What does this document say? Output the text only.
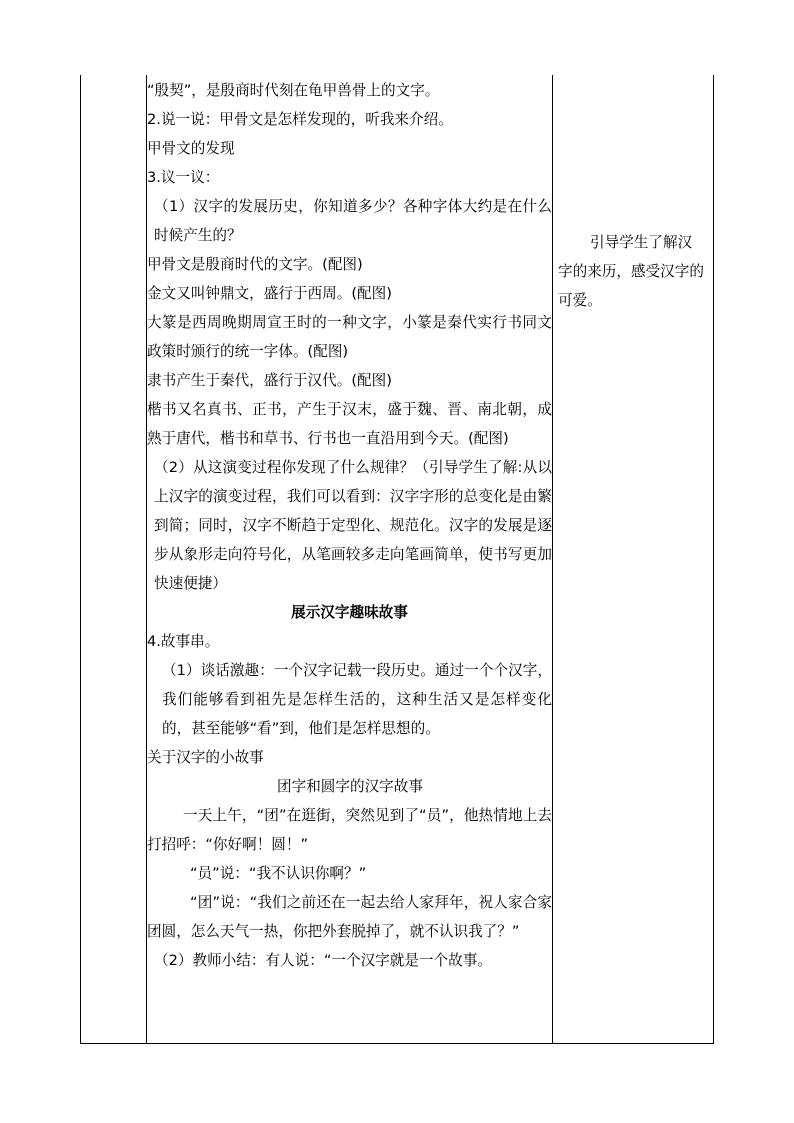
“殷契”，是殷商时代刻在龟甲兽骨上的文字。

2.说一说：甲骨文是怎样发现的，听我来介绍。

甲骨文的发现

3.议一议：

（1）汉字的发展历史，你知道多少？各种字体大约是在什么时候产生的？

甲骨文是殷商时代的文字。(配图)

金文又叫钟鼎文，盛行于西周。(配图)

大篆是西周晚期周宣王时的一种文字，小篆是秦代实行书同文政策时颁行的统一字体。(配图)

隶书产生于秦代，盛行于汉代。(配图)

楷书又名真书、正书，产生于汉末，盛于魏、晋、南北朝，成熟于唐代，楷书和草书、行书也一直沿用到今天。(配图)

（2）从这演变过程你发现了什么规律？（引导学生了解:从以上汉字的演变过程，我们可以看到：汉字字形的总变化是由繁到简；同时，汉字不断趋于定型化、规范化。汉字的发展是逐步从象形走向符号化，从笔画较多走向笔画简单，使书写更加快速便捷）

展示汉字趣味故事

4.故事串。

（1）谈话激趣：一个汉字记载一段历史。通过一个个汉字，我们能够看到祖先是怎样生活的，这种生活又是怎样变化的，甚至能够“看”到，他们是怎样思想的。

关于汉字的小故事

团字和圆字的汉字故事

一天上午，“团”在逛街，突然见到了“员”，他热情地上去打招呼：“你好啊！圆！”

“员”说：“我不认识你啊？”

“团”说：“我们之前还在一起去给人家拜年，祝人家合家团圆，怎么天气一热，你把外套脱掉了，就不认识我了？”

（2）教师小结：有人说：“一个汉字就是一个故事。

引导学生了解汉

字的来历，感受汉字的

可爱。
